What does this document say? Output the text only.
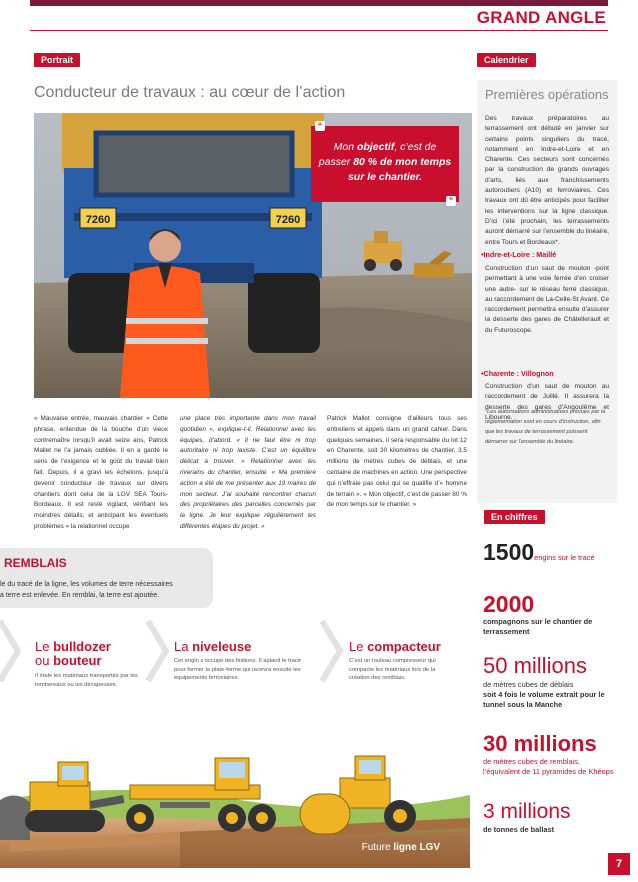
GRAND ANGLE
Portrait
Conducteur de travaux : au cœur de l’action
7260	7260
Mon objectif, c’est de passer 80 % de mon temps sur le chantier.
“
”
« Mauvaise entrée, mauvais chantier » Cette phrase, entendue de la bouche d’un vieux contremaître lorsqu’il avait seize ans, Patrick Mallet ne l’a jamais oubliée. Il en a gardé le sens de l’exigence et le goût du travail bien fait. Depuis, il a gravi les échelons, jusqu’à devenir conducteur de travaux sur divers chantiers dont celui de la LGV SEA Tours-Bordeaux. Il est resté vigilant, vérifiant les moindres détails, et anticipant les éventuels problèmes « la relationnel occupe
une place très importante dans mon travail quotidien », explique-t-il. Relationnel avec les équipes, d’abord. « Il ne faut être ni trop autoritaire ni trop laxiste. C’est un équilibre délicat à trouver. » Relationnel avec les riverains du chantier, ensuite. « Ma première action a été de me présenter aux 19 maires de mon secteur. J’ai souhaité rencontrer chacun des propriétaires des parcelles concernés par la ligne. Je leur explique régulièrement les différentes étapes du projet. »
Patrick Mallet consigne d’ailleurs tous ses entretiens et appels dans un grand cahier. Dans quelques semaines, il sera responsable du lot 12 en Charente, soit 30 kilomètres de chantier, 3,5 millions de mètres cubes de déblais, et une centaine de machines en action. Une perspective qui n’effraie pas celui qui se qualifie d’« homme de terrain ». « Mon objectif, c’est de passer 80 % de mon temps sur le chantier. »
Calendrier
Premières opérations
Des travaux préparatoires au terrassement ont débuté en janvier sur certains points singuliers du tracé, notamment en Indre-et-Loire et en Charente. Ces secteurs sont concernés par la construction de grands ouvrages d’arts, liés aux franchissements autoroutiers (A10) et ferroviaires. Ces travaux ont dû être anticipés pour faciliter les interventions sur la ligne classique. D’ici l’été prochain, les terrassements auront démarré sur l’ensemble du linéaire, entre Tours et Bordeaux*.
•Indre-et-Loire : Maillé
Construction d’un saut de mouton -pont permettant à une voie ferrée d’en croiser une autre- sur le réseau ferré classique, au raccordement de La-Celle-St Avant. Ce raccordement permettra ensuite d’assurer la desserte des gares de Châtellerault et du Futuroscope.
•Charente : Villognon
Construction d’un saut de mouton au raccordement de Juillé. Il assurera la desserte des gares d’Angoulême et Libourne.
*Les autorisations administratives prévues par la réglementation sont en cours d’instruction, afin que les travaux de terrassement puissent démarrer sur l’ensemble du linéaire.
En chiffres
1500engins sur le tracé
2000
compagnons sur le chantier de terrassement
50 millions
de mètres cubes de déblais
soit 4 fois le volume extrait pour le tunnel sous la Manche
30 millions
de mètres cubes de remblais,
l’équivalent de 11 pyramides de Khéops
3 millions
de tonnes de ballast
REMBLAIS
le du tracé de la ligne, les volumes de terre nécessaires
a terre est enlevée. En remblai, la terre est ajoutée.
Le bulldozer
ou bouteur
Il étale les matériaux transportés par les tombereaux ou les décapeuses.
La niveleuse
Cet engin s’occupe des finitions. Il aplanit le tracé pour former la plate-forme qui recevra ensuite les équipements ferroviaires.
Le compacteur
C’est un rouleau compresseur qui compacte les matériaux lors de la création des remblais.
Future ligne LGV
7
